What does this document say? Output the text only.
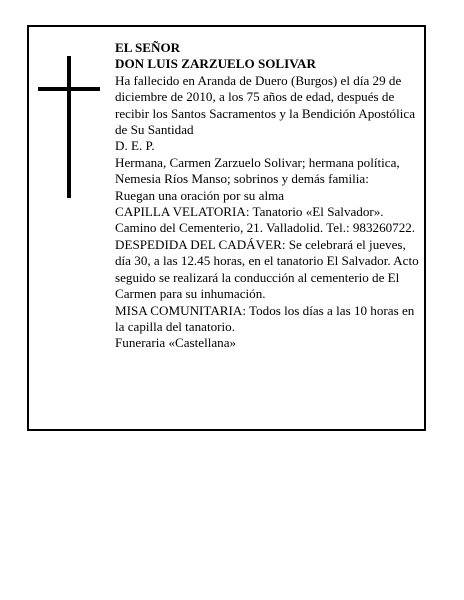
EL SEÑOR

DON LUIS ZARZUELO SOLIVAR

Ha fallecido en Aranda de Duero (Burgos) el día 29 de diciembre de 2010, a los 75 años de edad, después de recibir los Santos Sacramentos y la Bendición Apostólica de Su Santidad

D. E. P.

Hermana, Carmen Zarzuelo Solivar; hermana política, Nemesia Ríos Manso; sobrinos y demás familia:

Ruegan una oración por su alma

CAPILLA VELATORIA: Tanatorio «El Salvador». Camino del Cementerio, 21. Valladolid. Tel.: 983260722.

DESPEDIDA DEL CADÁVER: Se celebrará el jueves, día 30, a las 12.45 horas, en el tanatorio El Salvador. Acto seguido se realizará la conducción al cementerio de El Carmen para su inhumación.

MISA COMUNITARIA: Todos los días a las 10 horas en la capilla del tanatorio.

Funeraria «Castellana»
